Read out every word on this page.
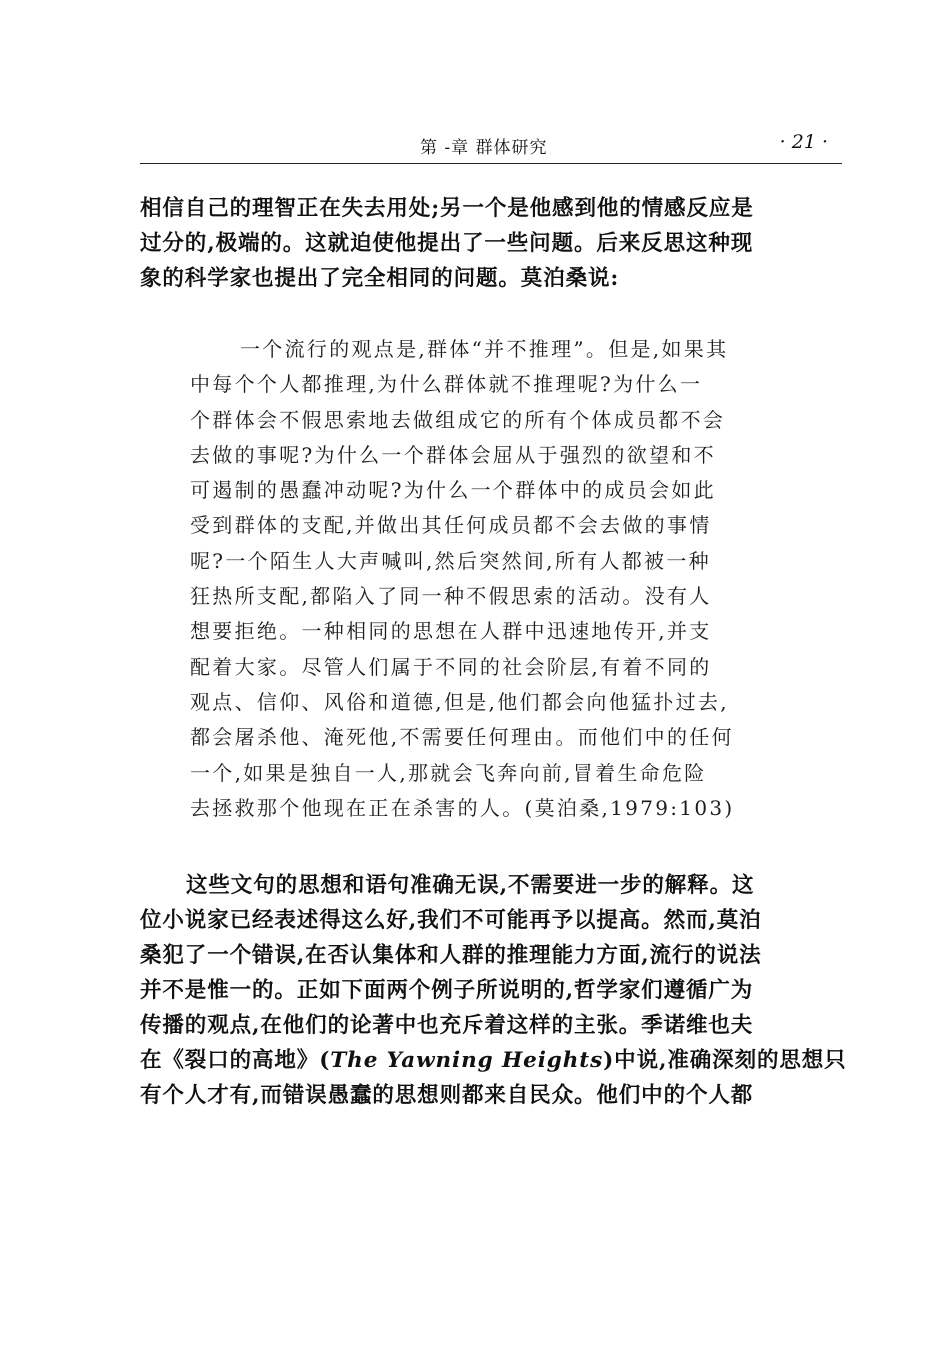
第 -章 群体研究	· 21 ·

相信自己的理智正在失去用处;另一个是他感到他的情感反应是
过分的,极端的。这就迫使他提出了一些问题。后来反思这种现
象的科学家也提出了完全相同的问题。莫泊桑说:

一个流行的观点是,群体“并不推理”。但是,如果其
中每个个人都推理,为什么群体就不推理呢?为什么一
个群体会不假思索地去做组成它的所有个体成员都不会
去做的事呢?为什么一个群体会屈从于强烈的欲望和不
可遏制的愚蠢冲动呢?为什么一个群体中的成员会如此
受到群体的支配,并做出其任何成员都不会去做的事情
呢?一个陌生人大声喊叫,然后突然间,所有人都被一种
狂热所支配,都陷入了同一种不假思索的活动。没有人
想要拒绝。一种相同的思想在人群中迅速地传开,并支
配着大家。尽管人们属于不同的社会阶层,有着不同的
观点、信仰、风俗和道德,但是,他们都会向他猛扑过去,
都会屠杀他、淹死他,不需要任何理由。而他们中的任何
一个,如果是独自一人,那就会飞奔向前,冒着生命危险
去拯救那个他现在正在杀害的人。(莫泊桑,1979:103)

这些文句的思想和语句准确无误,不需要进一步的解释。这
位小说家已经表述得这么好,我们不可能再予以提高。然而,莫泊
桑犯了一个错误,在否认集体和人群的推理能力方面,流行的说法
并不是惟一的。正如下面两个例子所说明的,哲学家们遵循广为
传播的观点,在他们的论著中也充斥着这样的主张。季诺维也夫
在《裂口的高地》(The Yawning Heights)中说,准确深刻的思想只
有个人才有,而错误愚蠢的思想则都来自民众。他们中的个人都
